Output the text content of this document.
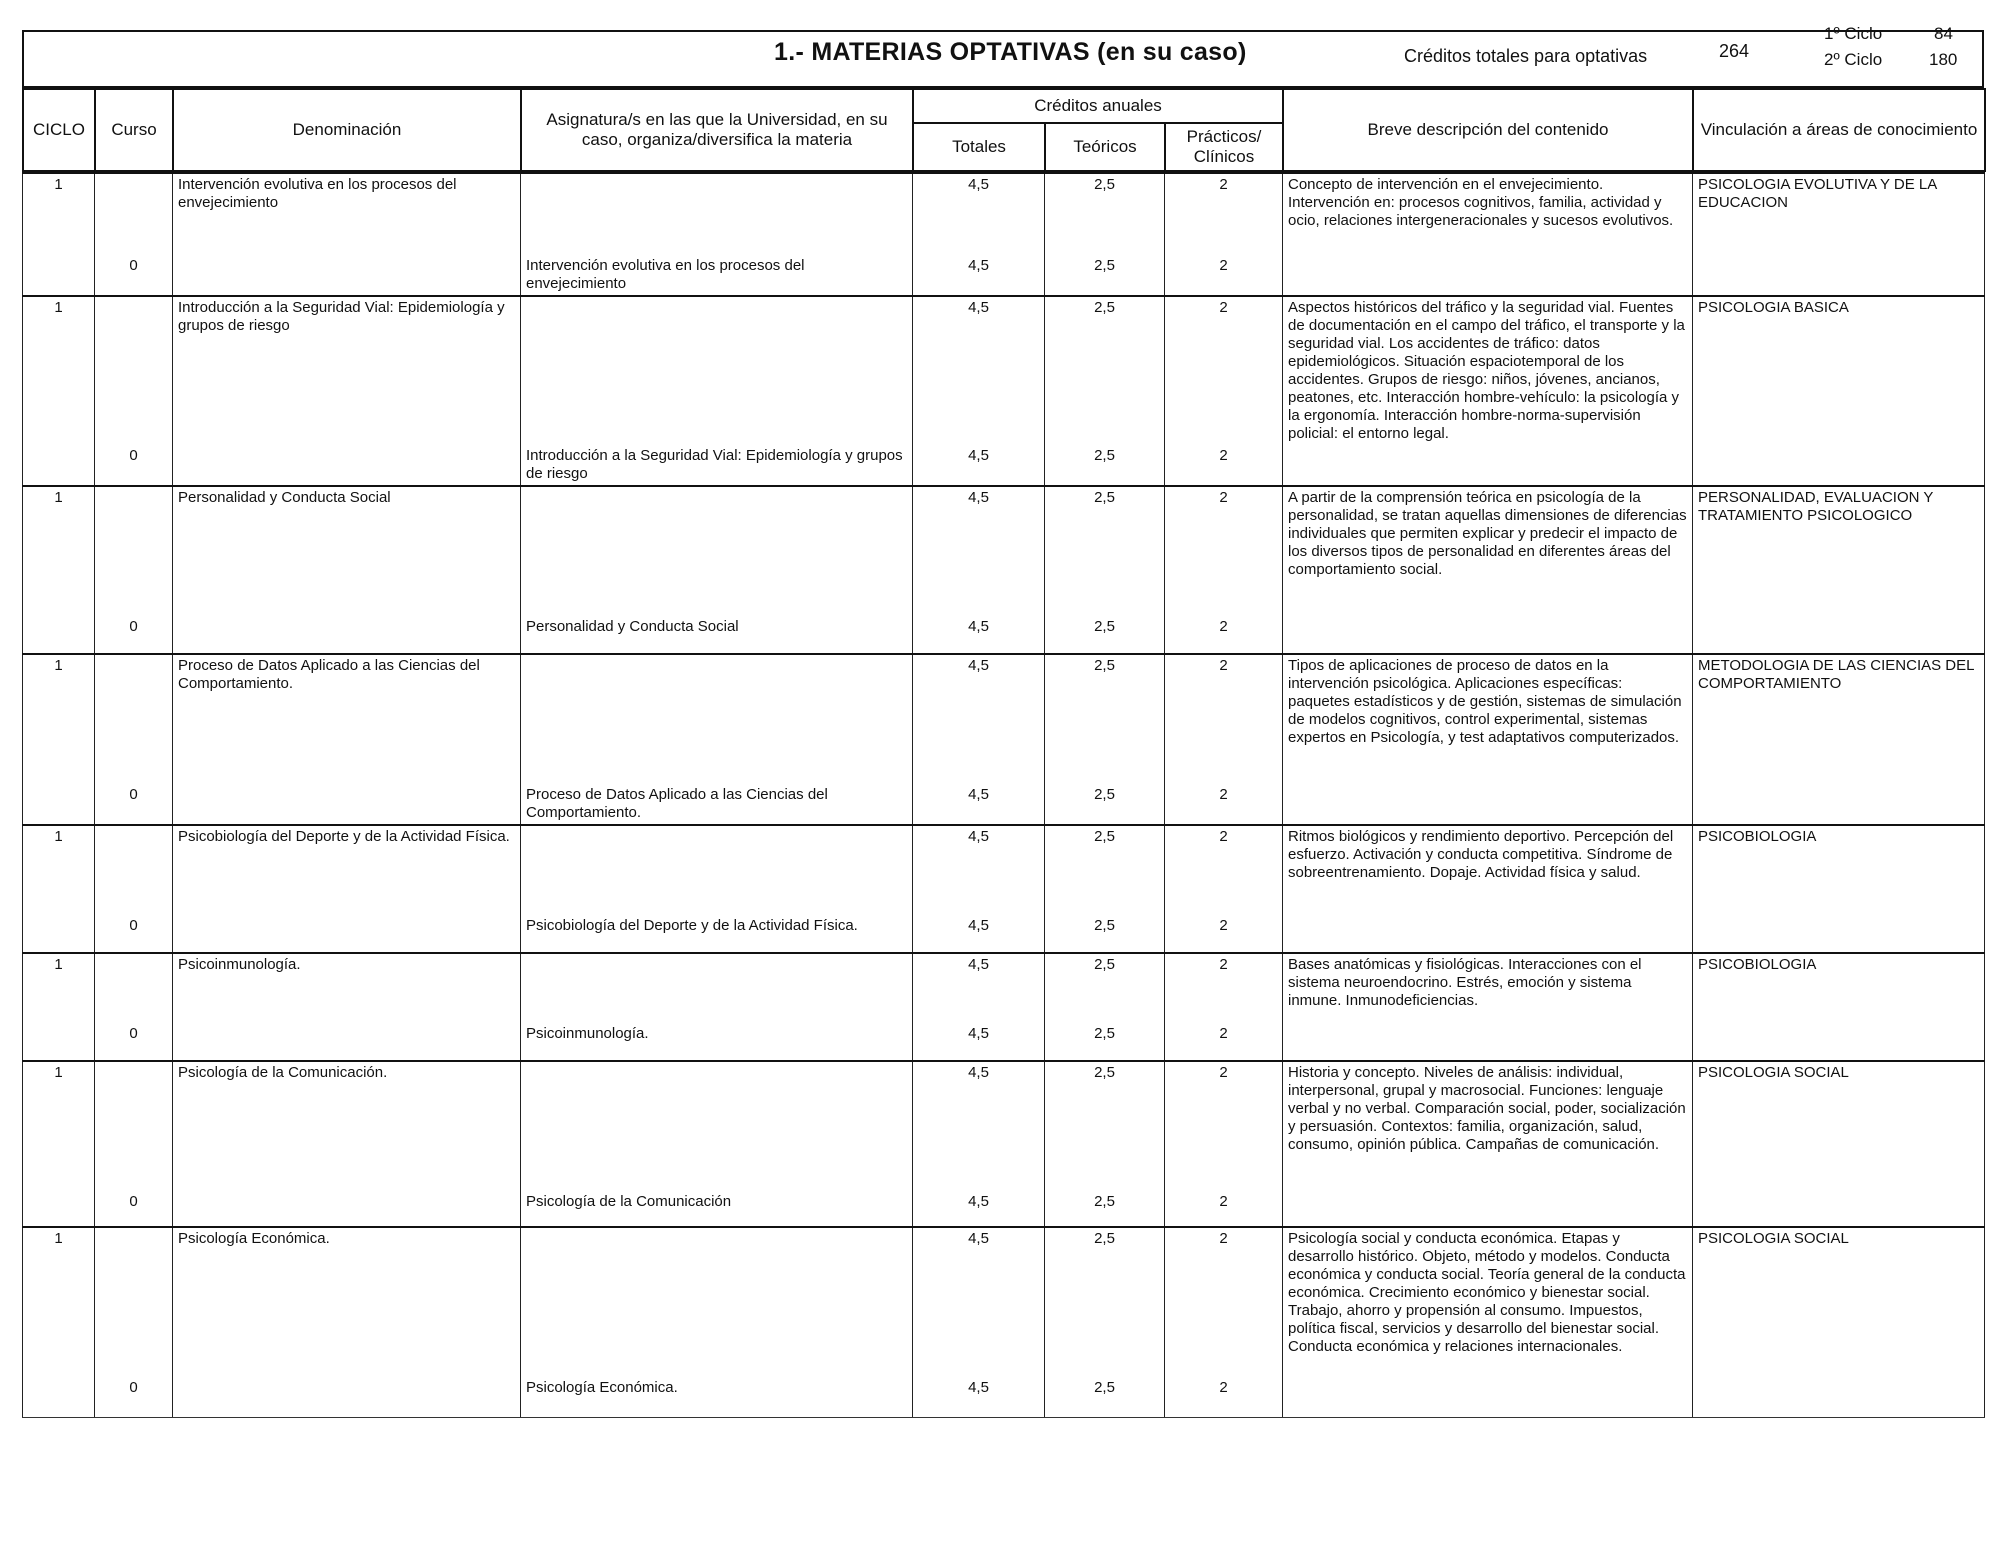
1.- MATERIAS OPTATIVAS (en su caso)	Créditos totales para optativas	264
1º Ciclo	84
2º Ciclo	180
CICLO	Curso	Denominación	Asignatura/s en las que la Universidad, en su caso, organiza/diversifica la materia	Créditos anuales			Breve descripción del contenido	Vinculación a áreas de conocimiento
				Totales	Teóricos	Prácticos/ Clínicos		
1		Intervención evolutiva en los procesos del envejecimiento		4,5	2,5	2	Concepto de intervención en el envejecimiento. Intervención en: procesos cognitivos, familia, actividad y ocio, relaciones intergeneracionales y sucesos evolutivos.	PSICOLOGIA EVOLUTIVA Y DE LA EDUCACION
	0		Intervención evolutiva en los procesos del envejecimiento	4,5	2,5	2		
1		Introducción a la Seguridad Vial: Epidemiología y grupos de riesgo		4,5	2,5	2	Aspectos históricos del tráfico y la seguridad vial. Fuentes de documentación en el campo del tráfico, el transporte y la seguridad vial. Los accidentes de tráfico: datos epidemiológicos. Situación espaciotemporal de los accidentes. Grupos de riesgo: niños, jóvenes, ancianos, peatones, etc. Interacción hombre-vehículo: la psicología y la ergonomía. Interacción hombre-norma-supervisión policial: el entorno legal.	PSICOLOGIA BASICA
	0		Introducción a la Seguridad Vial: Epidemiología y grupos de riesgo	4,5	2,5	2		
1		Personalidad y Conducta Social		4,5	2,5	2	A partir de la comprensión teórica en psicología de la personalidad, se tratan aquellas dimensiones de diferencias individuales que permiten explicar y predecir el impacto de los diversos tipos de personalidad en diferentes áreas del comportamiento social.	PERSONALIDAD, EVALUACION Y TRATAMIENTO PSICOLOGICO
	0		Personalidad y Conducta Social	4,5	2,5	2		
1		Proceso de Datos Aplicado a las Ciencias del Comportamiento.		4,5	2,5	2	Tipos de aplicaciones de proceso de datos en la intervención psicológica. Aplicaciones específicas: paquetes estadísticos y de gestión, sistemas de simulación de modelos cognitivos, control experimental, sistemas expertos en Psicología, y test adaptativos computerizados.	METODOLOGIA DE LAS CIENCIAS DEL COMPORTAMIENTO
	0		Proceso de Datos Aplicado a las Ciencias del Comportamiento.	4,5	2,5	2		
1		Psicobiología del Deporte y de la Actividad Física.		4,5	2,5	2	Ritmos biológicos y rendimiento deportivo. Percepción del esfuerzo. Activación y conducta competitiva. Síndrome de sobreentrenamiento. Dopaje. Actividad física y salud.	PSICOBIOLOGIA
	0		Psicobiología del Deporte y de la Actividad Física.	4,5	2,5	2		
1		Psicoinmunología.		4,5	2,5	2	Bases anatómicas y fisiológicas. Interacciones con el sistema neuroendocrino. Estrés, emoción y sistema inmune. Inmunodeficiencias.	PSICOBIOLOGIA
	0		Psicoinmunología.	4,5	2,5	2		
1		Psicología de la Comunicación.		4,5	2,5	2	Historia y concepto. Niveles de análisis: individual, interpersonal, grupal y macrosocial. Funciones: lenguaje verbal y no verbal. Comparación social, poder, socialización y persuasión. Contextos: familia, organización, salud, consumo, opinión pública. Campañas de comunicación.	PSICOLOGIA SOCIAL
	0		Psicología de la Comunicación	4,5	2,5	2		
1		Psicología Económica.		4,5	2,5	2	Psicología social y conducta económica. Etapas y desarrollo histórico. Objeto, método y modelos. Conducta económica y conducta social. Teoría general de la conducta económica. Crecimiento económico y bienestar social. Trabajo, ahorro y propensión al consumo. Impuestos, política fiscal, servicios y desarrollo del bienestar social. Conducta económica y relaciones internacionales.	PSICOLOGIA SOCIAL
	0		Psicología Económica.	4,5	2,5	2		
